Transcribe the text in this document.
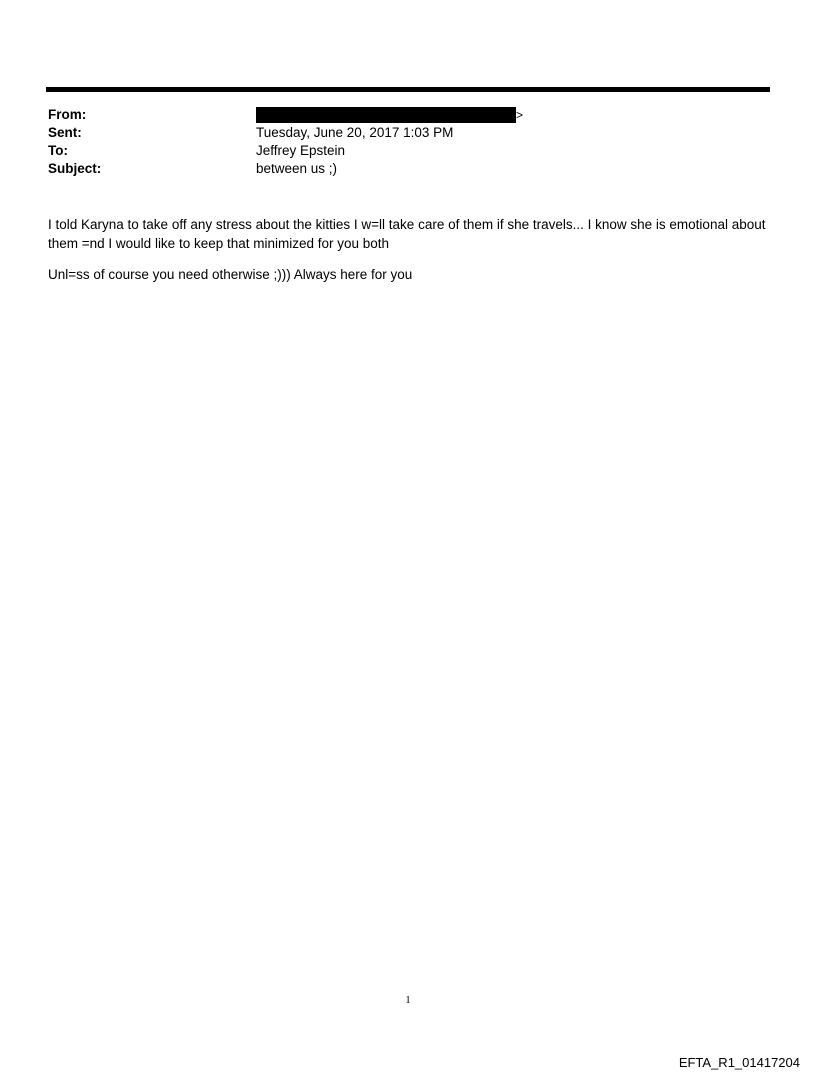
From:	>
Sent:	Tuesday, June 20, 2017 1:03 PM
To:	Jeffrey Epstein
Subject:	between us ;)

I told Karyna to take off any stress about the kitties I w=ll take care of them if she travels... I know she is emotional about them =nd I would like to keep that minimized for you both

Unl=ss of course you need otherwise ;))) Always here for you

1
EFTA_R1_01417204
